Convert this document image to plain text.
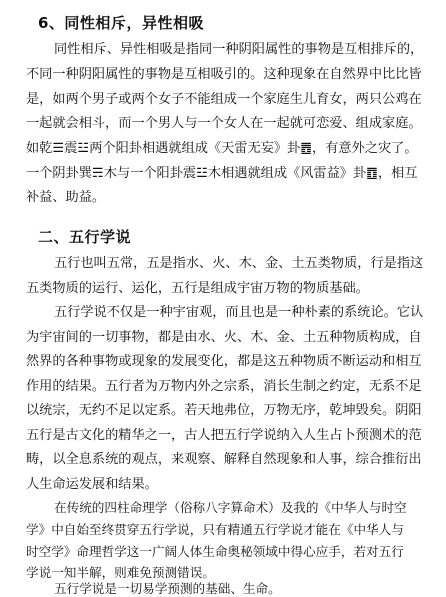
6、同性相斥，异性相吸
同性相斥、异性相吸是指同一种阴阳属性的事物是互相排斥的，
不同一种阴阳属性的事物是互相吸引的。这种现象在自然界中比比皆
是，如两个男子或两个女子不能组成一个家庭生儿育女，两只公鸡在
一起就会相斗，而一个男人与一个女人在一起就可恋爱、组成家庭。
如乾☰震☳两个阳卦相遇就组成《天雷无妄》卦䷘，有意外之灾了。
一个阴卦巽☴木与一个阳卦震☳木相遇就组成《风雷益》卦䷩，相互
补益、助益。
二、五行学说
五行也叫五常，五是指水、火、木、金、土五类物质，行是指这
五类物质的运行、运化，五行是组成宇宙万物的物质基础。
五行学说不仅是一种宇宙观，而且也是一种朴素的系统论。它认
为宇宙间的一切事物，都是由水、火、木、金、土五种物质构成，自
然界的各种事物或现象的发展变化，都是这五种物质不断运动和相互
作用的结果。五行者为万物内外之宗系，消长生制之约定，无系不足
以统宗，无约不足以定系。若天地弗位，万物无序，乾坤毁矣。阴阳
五行是古文化的精华之一，古人把五行学说纳入人生占卜预测术的范
畴，以全息系统的观点，来观察、解释自然现象和人事，综合推衍出
人生命运发展和结果。
在传统的四柱命理学（俗称八字算命术）及我的《中华人与时空
学》中自始至终贯穿五行学说，只有精通五行学说才能在《中华人与
时空学》命理哲学这一广阔人体生命奥秘领域中得心应手，若对五行
学说一知半解，则难免预测错误。
五行学说是一切易学预测的基础、生命。
